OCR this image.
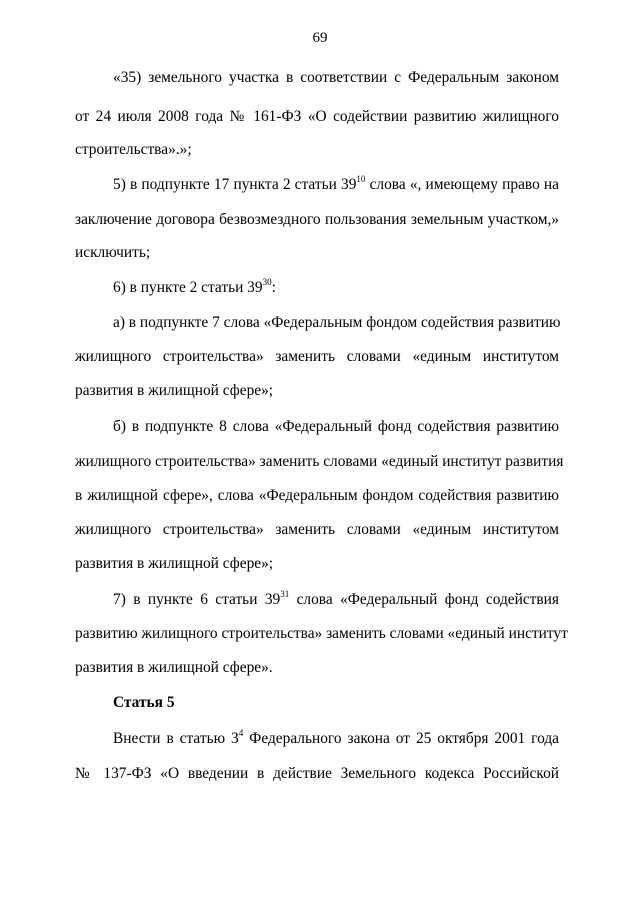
69
«35) земельного участка в соответствии с Федеральным законом
от 24 июля 2008 года № 161-ФЗ «О содействии развитию жилищного
строительства».»;
5) в подпункте 17 пункта 2 статьи $39^{10}$ слова «, имеющему право на
заключение договора безвозмездного пользования земельным участком,»
исключить;
6) в пункте 2 статьи $39^{30}$:
а) в подпункте 7 слова «Федеральным фондом содействия развитию
жилищного строительства» заменить словами «единым институтом
развития в жилищной сфере»;
б) в подпункте 8 слова «Федеральный фонд содействия развитию
жилищного строительства» заменить словами «единый институт развития
в жилищной сфере», слова «Федеральным фондом содействия развитию
жилищного строительства» заменить словами «единым институтом
развития в жилищной сфере»;
7) в пункте 6 статьи $39^{31}$ слова «Федеральный фонд содействия
развитию жилищного строительства» заменить словами «единый институт
развития в жилищной сфере».
Статья 5
Внести в статью $3^4$ Федерального закона от 25 октября 2001 года
№ 137-ФЗ «О введении в действие Земельного кодекса Российской
